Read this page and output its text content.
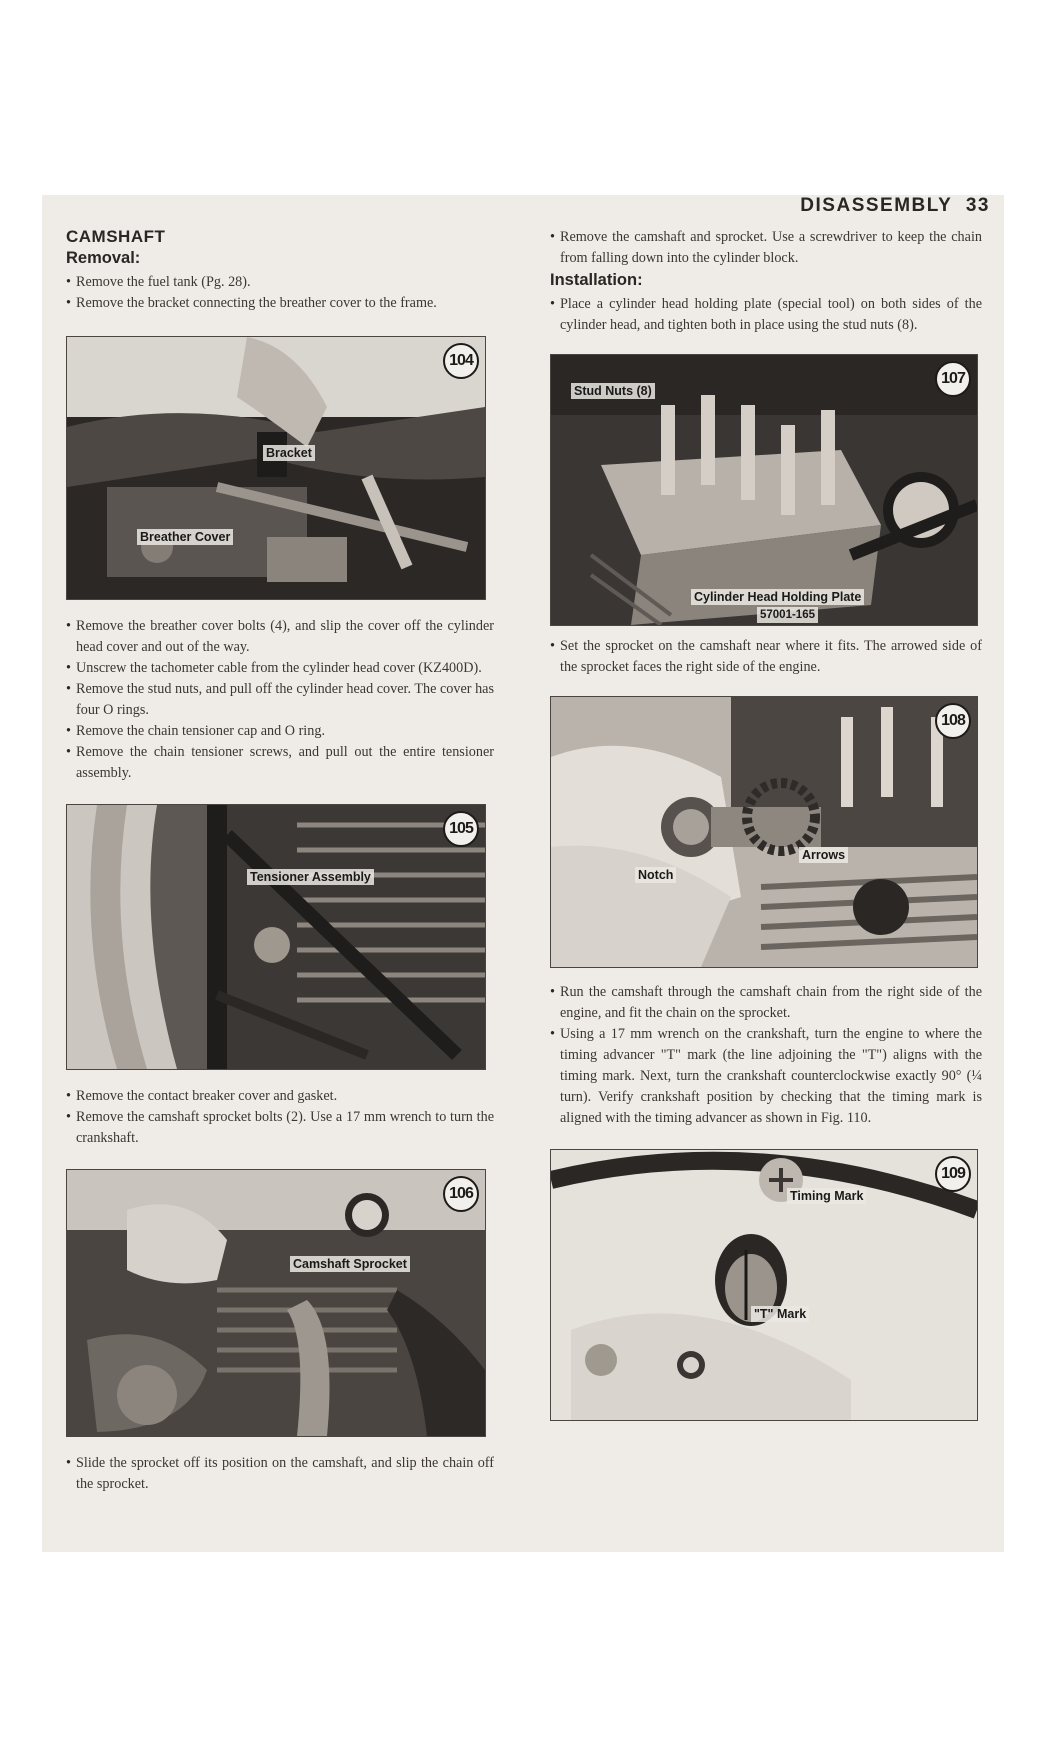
DISASSEMBLY 33
CAMSHAFT
Removal:
• Remove the fuel tank (Pg. 28).
• Remove the bracket connecting the breather cover to the frame.
104
Bracket
Breather Cover
• Remove the breather cover bolts (4), and slip the cover off the cylinder head cover and out of the way.
• Unscrew the tachometer cable from the cylinder head cover (KZ400D).
• Remove the stud nuts, and pull off the cylinder head cover. The cover has four O rings.
• Remove the chain tensioner cap and O ring.
• Remove the chain tensioner screws, and pull out the entire tensioner assembly.
105
Tensioner Assembly
• Remove the contact breaker cover and gasket.
• Remove the camshaft sprocket bolts (2). Use a 17 mm wrench to turn the crankshaft.
106
Camshaft Sprocket
• Slide the sprocket off its position on the camshaft, and slip the chain off the sprocket.
• Remove the camshaft and sprocket. Use a screwdriver to keep the chain from falling down into the cylinder block.
Installation:
• Place a cylinder head holding plate (special tool) on both sides of the cylinder head, and tighten both in place using the stud nuts (8).
107
Stud Nuts (8)
Cylinder Head Holding Plate
57001-165
• Set the sprocket on the camshaft near where it fits. The arrowed side of the sprocket faces the right side of the engine.
108
Notch
Arrows
• Run the camshaft through the camshaft chain from the right side of the engine, and fit the chain on the sprocket.
• Using a 17 mm wrench on the crankshaft, turn the engine to where the timing advancer "T" mark (the line adjoining the "T") aligns with the timing mark. Next, turn the crankshaft counterclockwise exactly 90° (¼ turn). Verify crankshaft position by checking that the timing mark is aligned with the timing advancer as shown in Fig. 110.
109
Timing Mark
"T" Mark
